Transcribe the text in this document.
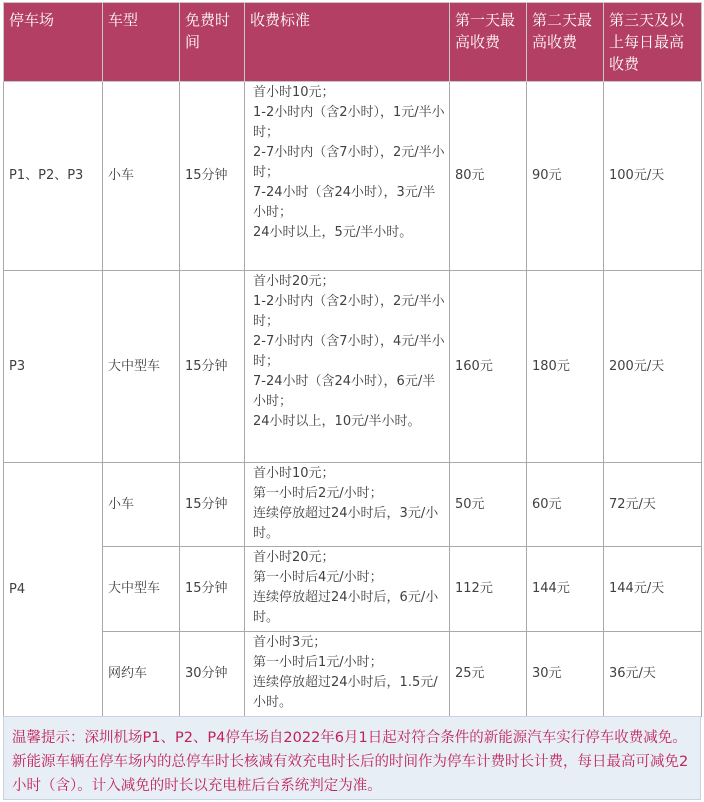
停车场	车型	免费时间	收费标准	第一天最高收费	第二天最高收费	第三天及以上每日最高收费
P1、P2、P3	小车	15分钟	首小时10元；
1-2小时内（含2小时），1元/半小时；
2-7小时内（含7小时），2元/半小时；
7-24小时（含24小时），3元/半小时；
24小时以上，5元/半小时。	80元	90元	100元/天
P3	大中型车	15分钟	首小时20元；
1-2小时内（含2小时），2元/半小时；
2-7小时内（含7小时），4元/半小时；
7-24小时（含24小时），6元/半小时；
24小时以上，10元/半小时。	160元	180元	200元/天
P4	小车	15分钟	首小时10元；
第一小时后2元/小时；
连续停放超过24小时后，3元/小时。	50元	60元	72元/天
	大中型车	15分钟	首小时20元；
第一小时后4元/小时；
连续停放超过24小时后，6元/小时。	112元	144元	144元/天
	网约车	30分钟	首小时3元；
第一小时后1元/小时；
连续停放超过24小时后，1.5元/小时。	25元	30元	36元/天
温馨提示：深圳机场P1、P2、P4停车场自2022年6月1日起对符合条件的新能源汽车实行停车收费减免。新能源车辆在停车场内的总停车时长核减有效充电时长后的时间作为停车计费时长计费，每日最高可减免2小时（含）。计入减免的时长以充电桩后台系统判定为准。
